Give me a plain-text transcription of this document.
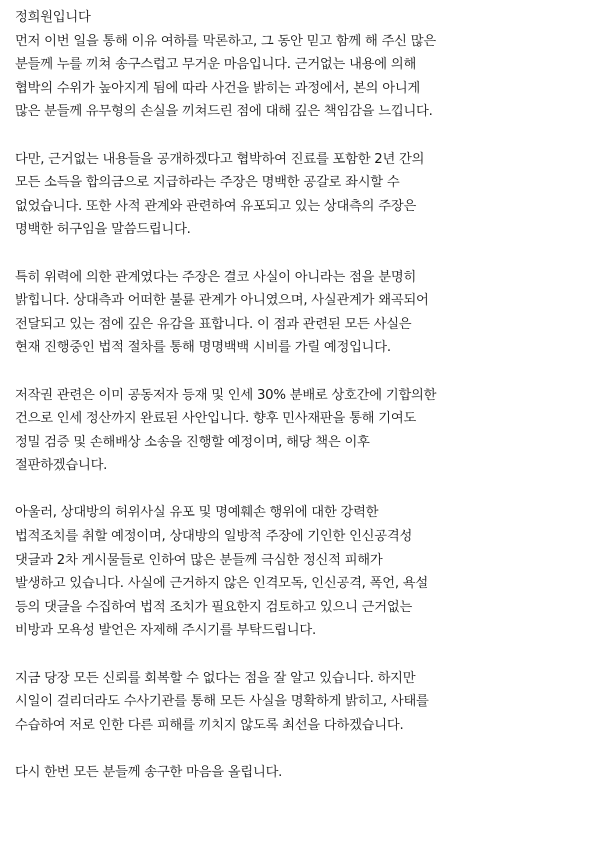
정희원입니다
먼저 이번 일을 통해 이유 여하를 막론하고, 그 동안 믿고 함께 해 주신 많은
분들께 누를 끼쳐 송구스럽고 무거운 마음입니다. 근거없는 내용에 의해
협박의 수위가 높아지게 됨에 따라 사건을 밝히는 과정에서, 본의 아니게
많은 분들께 유무형의 손실을 끼쳐드린 점에 대해 깊은 책임감을 느낍니다.
다만, 근거없는 내용들을 공개하겠다고 협박하여 진료를 포함한 2년 간의
모든 소득을 합의금으로 지급하라는 주장은 명백한 공갈로 좌시할 수
없었습니다. 또한 사적 관계와 관련하여 유포되고 있는 상대측의 주장은
명백한 허구임을 말씀드립니다.
특히 위력에 의한 관계였다는 주장은 결코 사실이 아니라는 점을 분명히
밝힙니다. 상대측과 어떠한 불륜 관계가 아니였으며, 사실관계가 왜곡되어
전달되고 있는 점에 깊은 유감을 표합니다. 이 점과 관련된 모든 사실은
현재 진행중인 법적 절차를 통해 명명백백 시비를 가릴 예정입니다.
저작권 관련은 이미 공동저자 등재 및 인세 30% 분배로 상호간에 기합의한
건으로 인세 정산까지 완료된 사안입니다. 향후 민사재판을 통해 기여도
정밀 검증 및 손해배상 소송을 진행할 예정이며, 해당 책은 이후
절판하겠습니다.
아울러, 상대방의 허위사실 유포 및 명예훼손 행위에 대한 강력한
법적조치를 취할 예정이며, 상대방의 일방적 주장에 기인한 인신공격성
댓글과 2차 게시물들로 인하여 많은 분들께 극심한 정신적 피해가
발생하고 있습니다. 사실에 근거하지 않은 인격모독, 인신공격, 폭언, 욕설
등의 댓글을 수집하여 법적 조치가 필요한지 검토하고 있으니 근거없는
비방과 모욕성 발언은 자제해 주시기를 부탁드립니다.
지금 당장 모든 신뢰를 회복할 수 없다는 점을 잘 알고 있습니다. 하지만
시일이 걸리더라도 수사기관를 통해 모든 사실을 명확하게 밝히고, 사태를
수습하여 저로 인한 다른 피해를 끼치지 않도록 최선을 다하겠습니다.
다시 한번 모든 분들께 송구한 마음을 올립니다.
